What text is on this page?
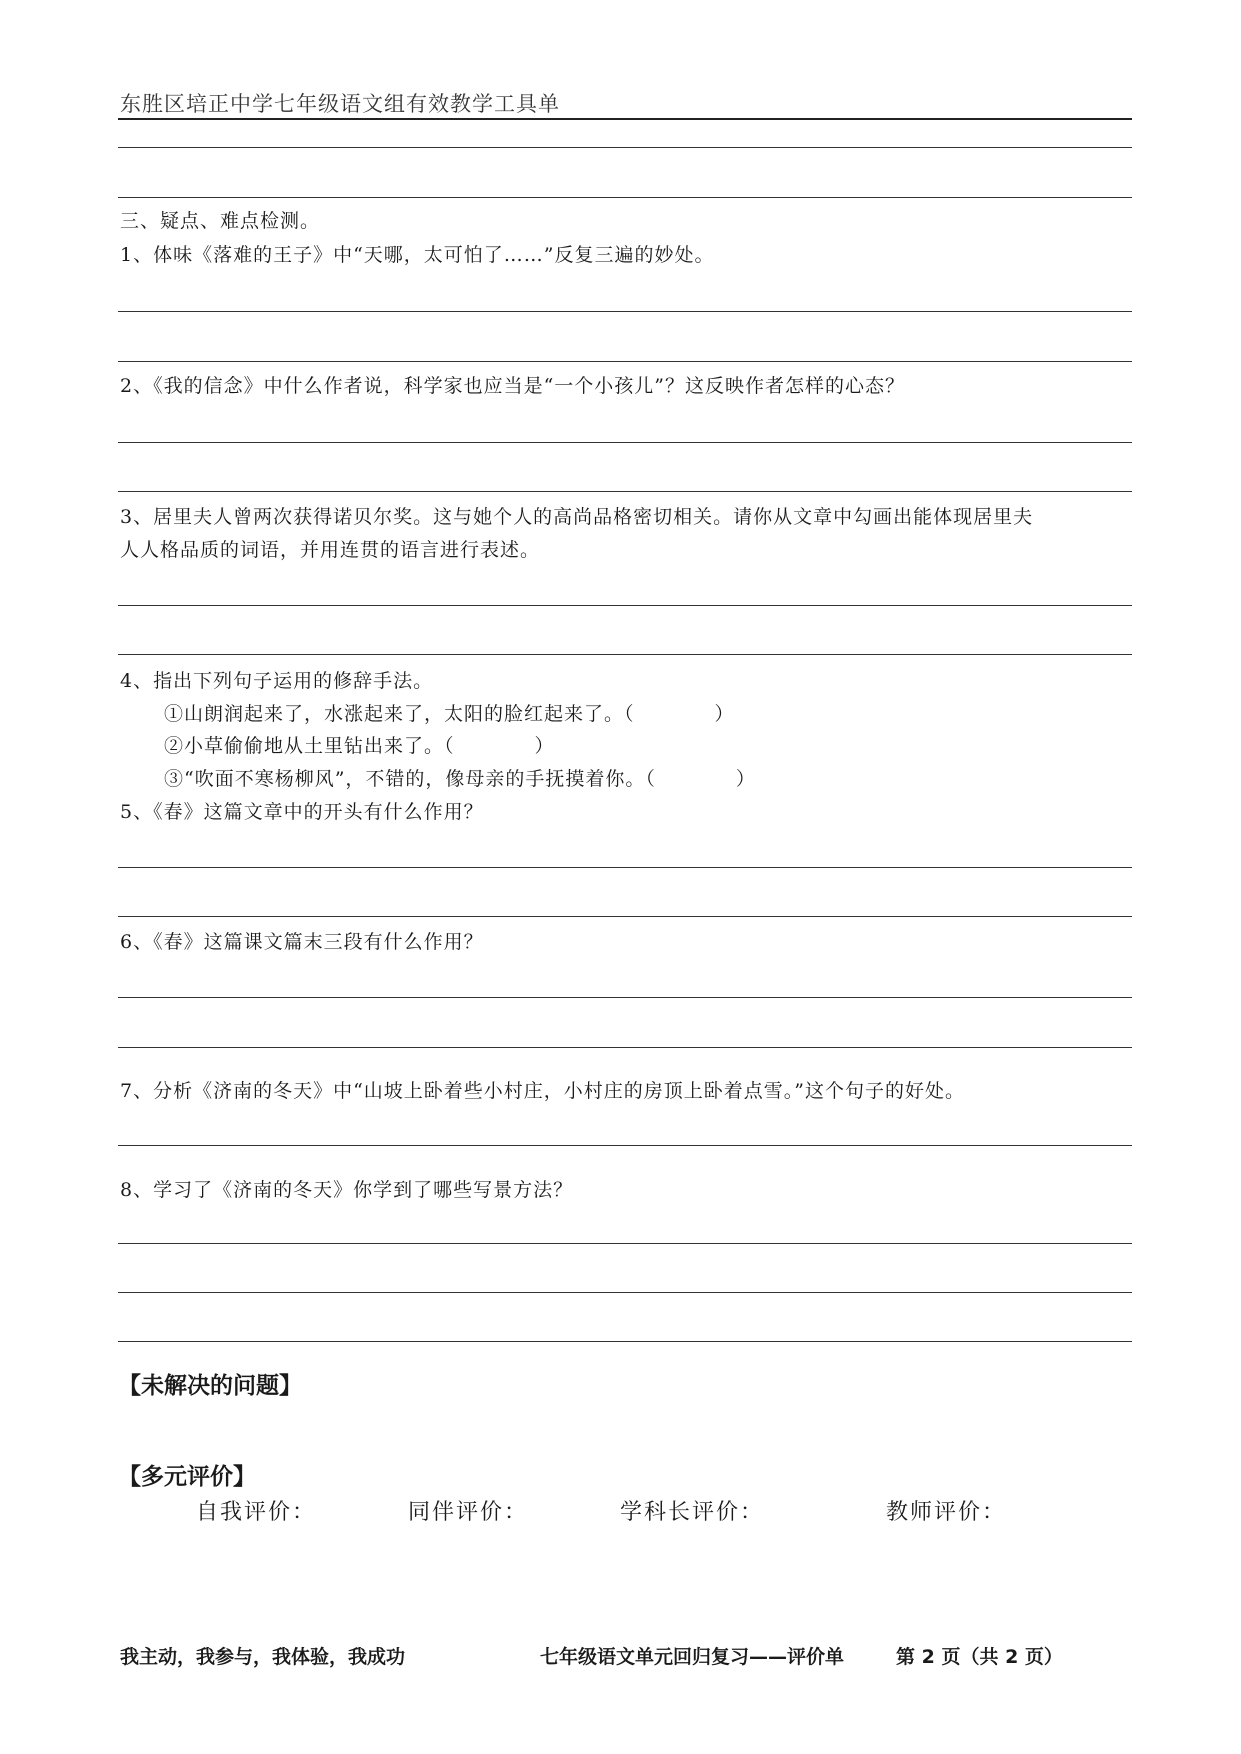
东胜区培正中学七年级语文组有效教学工具单
三、疑点、难点检测。
1、体味《落难的王子》中“天哪，太可怕了……”反复三遍的妙处。
2、《我的信念》中什么作者说，科学家也应当是“一个小孩儿”？这反映作者怎样的心态？
3、居里夫人曾两次获得诺贝尔奖。这与她个人的高尚品格密切相关。请你从文章中勾画出能体现居里夫
人人格品质的词语，并用连贯的语言进行表述。
4、指出下列句子运用的修辞手法。
①山朗润起来了，水涨起来了，太阳的脸红起来了。（　　　　）
②小草偷偷地从土里钻出来了。（　　　　）
③“吹面不寒杨柳风”，不错的，像母亲的手抚摸着你。（　　　　）
5、《春》这篇文章中的开头有什么作用？
6、《春》这篇课文篇末三段有什么作用？
7、分析《济南的冬天》中“山坡上卧着些小村庄，小村庄的房顶上卧着点雪。”这个句子的好处。
8、学习了《济南的冬天》你学到了哪些写景方法？
【未解决的问题】
【多元评价】
自我评价：	同伴评价：	学科长评价：	教师评价：
我主动，我参与，我体验，我成功	七年级语文单元回归复习——评价单	第 2 页（共 2 页）
